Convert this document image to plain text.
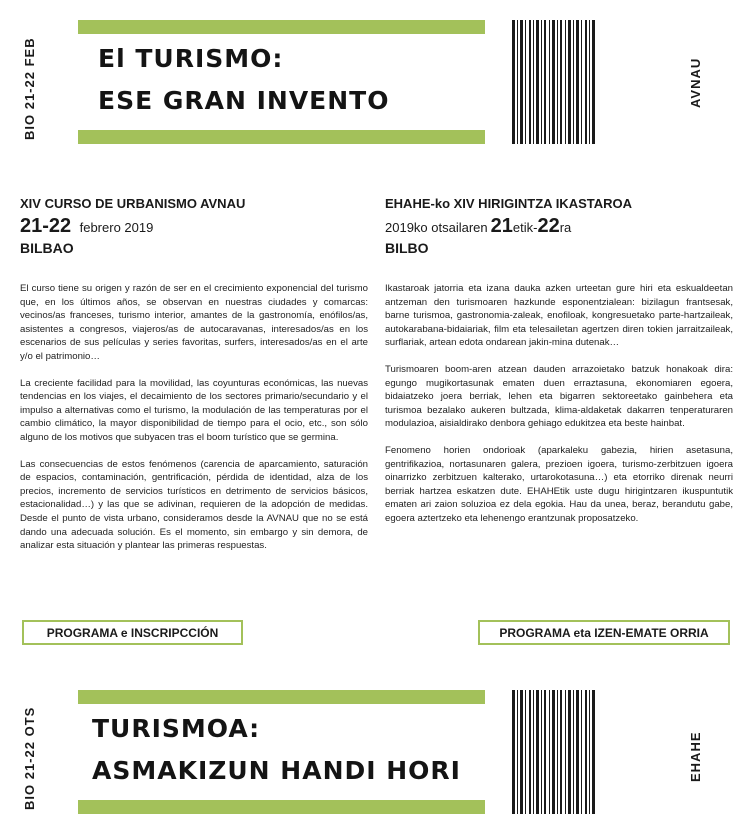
BIO 21-22 FEB El TURISMO:
ESE GRAN INVENTO	AVNAU
XIV CURSO DE URBANISMO AVNAU
21-22 febrero 2019
BILBAO

El curso tiene su origen y razón de ser en el crecimiento exponencial del turismo que, en los últimos años, se observan en nuestras ciudades y comarcas: vecinos/as franceses, turismo interior, amantes de la gastronomía, enófilos/as, asistentes a congresos, viajeros/as de autocaravanas, interesados/as en los escenarios de sus películas y series favoritas, surfers, interesados/as en el arte y/o el patrimonio…

La creciente facilidad para la movilidad, las coyunturas económicas, las nuevas tendencias en los viajes, el decaimiento de los sectores primario/secundario y el impulso a alternativas como el turismo, la modulación de las temperaturas por el cambio climático, la mayor disponibilidad de tiempo para el ocio, etc., son sólo alguno de los motivos que subyacen tras el boom turístico que se germina.

Las consecuencias de estos fenómenos (carencia de aparcamiento, saturación de espacios, contaminación, gentrificación, pérdida de identidad, alza de los precios, incremento de servicios turísticos en detrimento de servicios básicos, estacionalidad…) y las que se adivinan, requieren de la adopción de medidas. Desde el punto de vista urbano, consideramos desde la AVNAU que no se está dando una adecuada solución. Es el momento, sin embargo y sin demora, de analizar esta situación y plantear las primeras respuestas.

EHAHE-ko XIV HIRIGINTZA IKASTAROA
2019ko otsailaren 21etik-22ra
BILBO

Ikastaroak jatorria eta izana dauka azken urteetan gure hiri eta eskualdeetan antzeman den turismoaren hazkunde esponentzialean: bizilagun frantsesak, barne turismoa, gastronomia-zaleak, enofiloak, kongresuetako parte-hartzaileak, autokarabana-bidaiariak, film eta telesailetan agertzen diren tokien jarraitzaileak, surflariak, artean edota ondarean jakin-mina dutenak…

Turismoaren boom-aren atzean dauden arrazoietako batzuk honakoak dira: egungo mugikortasunak ematen duen erraztasuna, ekonomiaren egoera, bidaiatzeko joera berriak, lehen eta bigarren sektoreetako gainbehera eta turismoa bezalako aukeren bultzada, klima-aldaketak dakarren tenperaturaren modulazioa, aisialdirako denbora gehiago edukitzea eta beste hainbat.

Fenomeno horien ondorioak (aparkaleku gabezia, hirien asetasuna, gentrifikazioa, nortasunaren galera, prezioen igoera, turismo-zerbitzuen igoera oinarrizko zerbitzuen kalterako, urtarokotasuna…) eta etorriko direnak neurri berriak hartzea eskatzen dute. EHAHEtik uste dugu hirigintzaren ikuspuntutik ematen ari zaion soluzioa ez dela egokia. Hau da unea, beraz, berandutu gabe, egoera aztertzeko eta lehenengo erantzunak proposatzeko.

PROGRAMA e INSCRIPCCIÓN	PROGRAMA eta IZEN-EMATE ORRIA
BIO 21-22 OTS TURISMOA:
ASMAKIZUN HANDI HORI	EHAHE
